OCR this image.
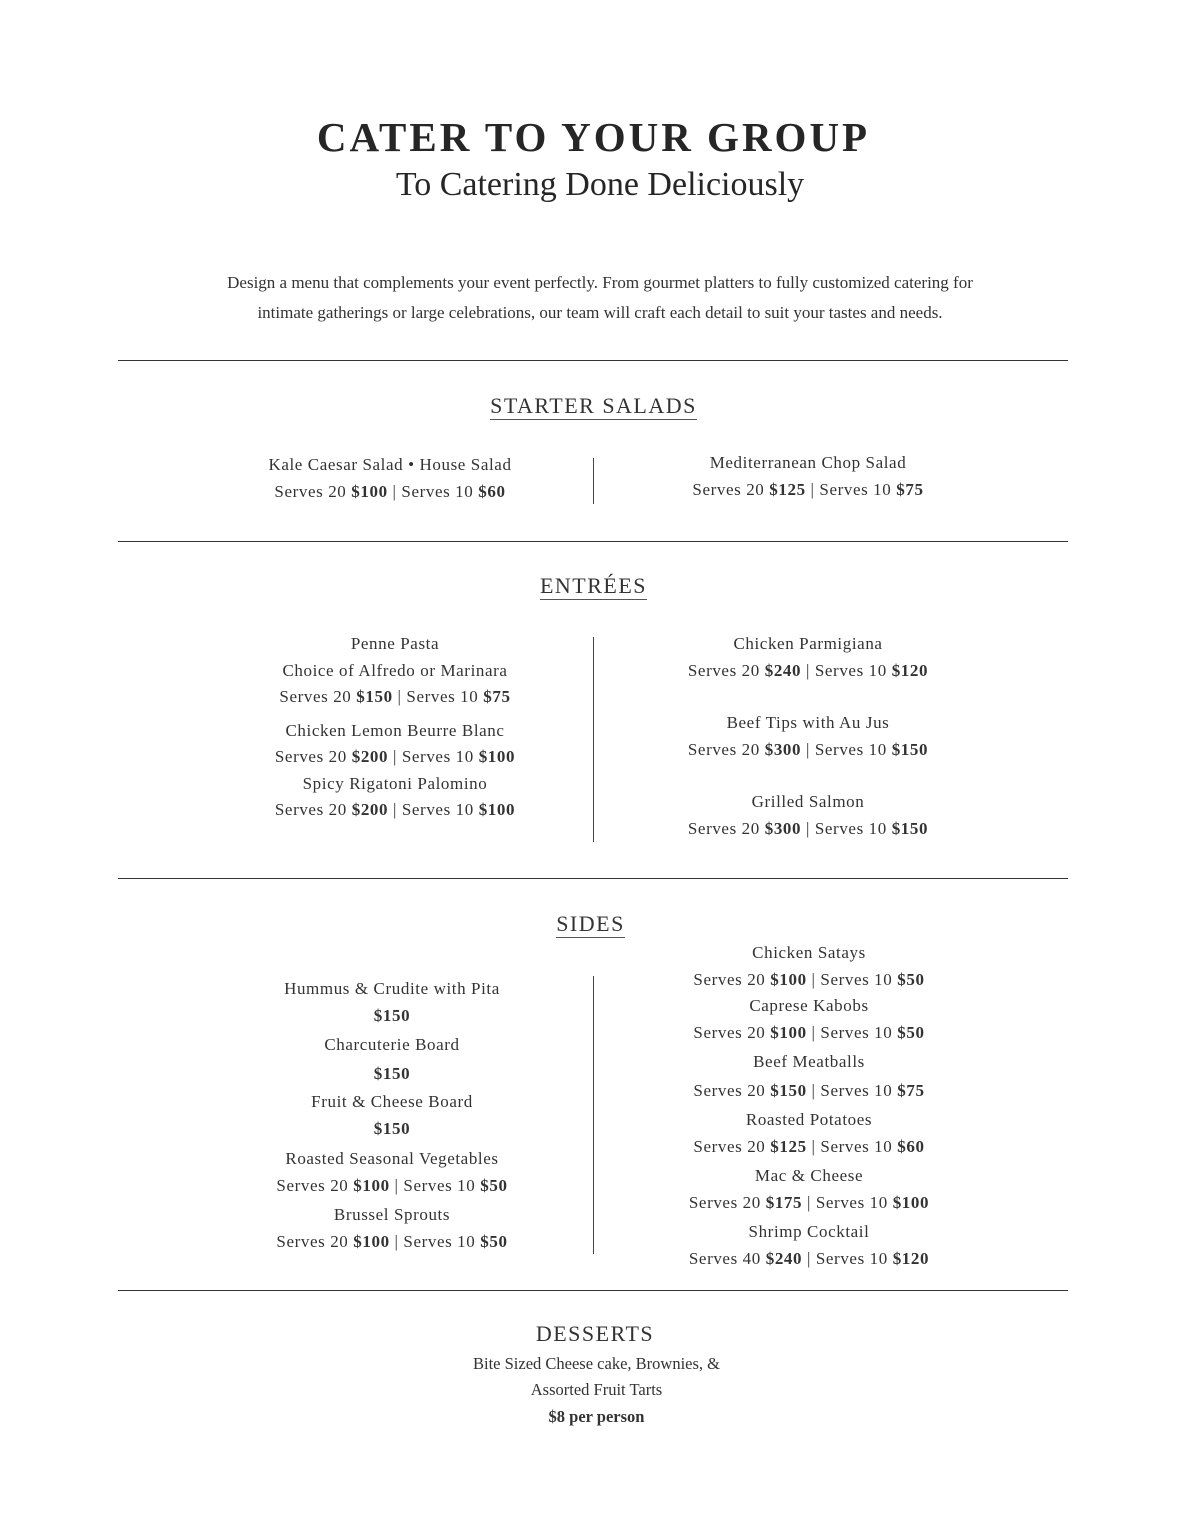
CATER TO YOUR GROUP
To Catering Done Deliciously
Design a menu that complements your event perfectly. From gourmet platters to fully customized catering for
intimate gatherings or large celebrations, our team will craft each detail to suit your tastes and needs.
STARTER SALADS
Kale Caesar Salad • House Salad
Serves 20 $100 | Serves 10 $60
Mediterranean Chop Salad
Serves 20 $125 | Serves 10 $75
ENTRÉES
Penne Pasta
Choice of Alfredo or Marinara
Serves 20 $150 | Serves 10 $75
Chicken Lemon Beurre Blanc
Serves 20 $200 | Serves 10 $100
Spicy Rigatoni Palomino
Serves 20 $200 | Serves 10 $100
Chicken Parmigiana
Serves 20 $240 | Serves 10 $120
Beef Tips with Au Jus
Serves 20 $300 | Serves 10 $150
Grilled Salmon
Serves 20 $300 | Serves 10 $150
SIDES
Hummus & Crudite with Pita
$150
Charcuterie Board
$150
Fruit & Cheese Board
$150
Roasted Seasonal Vegetables
Serves 20 $100 | Serves 10 $50
Brussel Sprouts
Serves 20 $100 | Serves 10 $50
Chicken Satays
Serves 20 $100 | Serves 10 $50
Caprese Kabobs
Serves 20 $100 | Serves 10 $50
Beef Meatballs
Serves 20 $150 | Serves 10 $75
Roasted Potatoes
Serves 20 $125 | Serves 10 $60
Mac & Cheese
Serves 20 $175 | Serves 10 $100
Shrimp Cocktail
Serves 40 $240 | Serves 10 $120
DESSERTS
Bite Sized Cheese cake, Brownies, &
Assorted Fruit Tarts
$8 per person
